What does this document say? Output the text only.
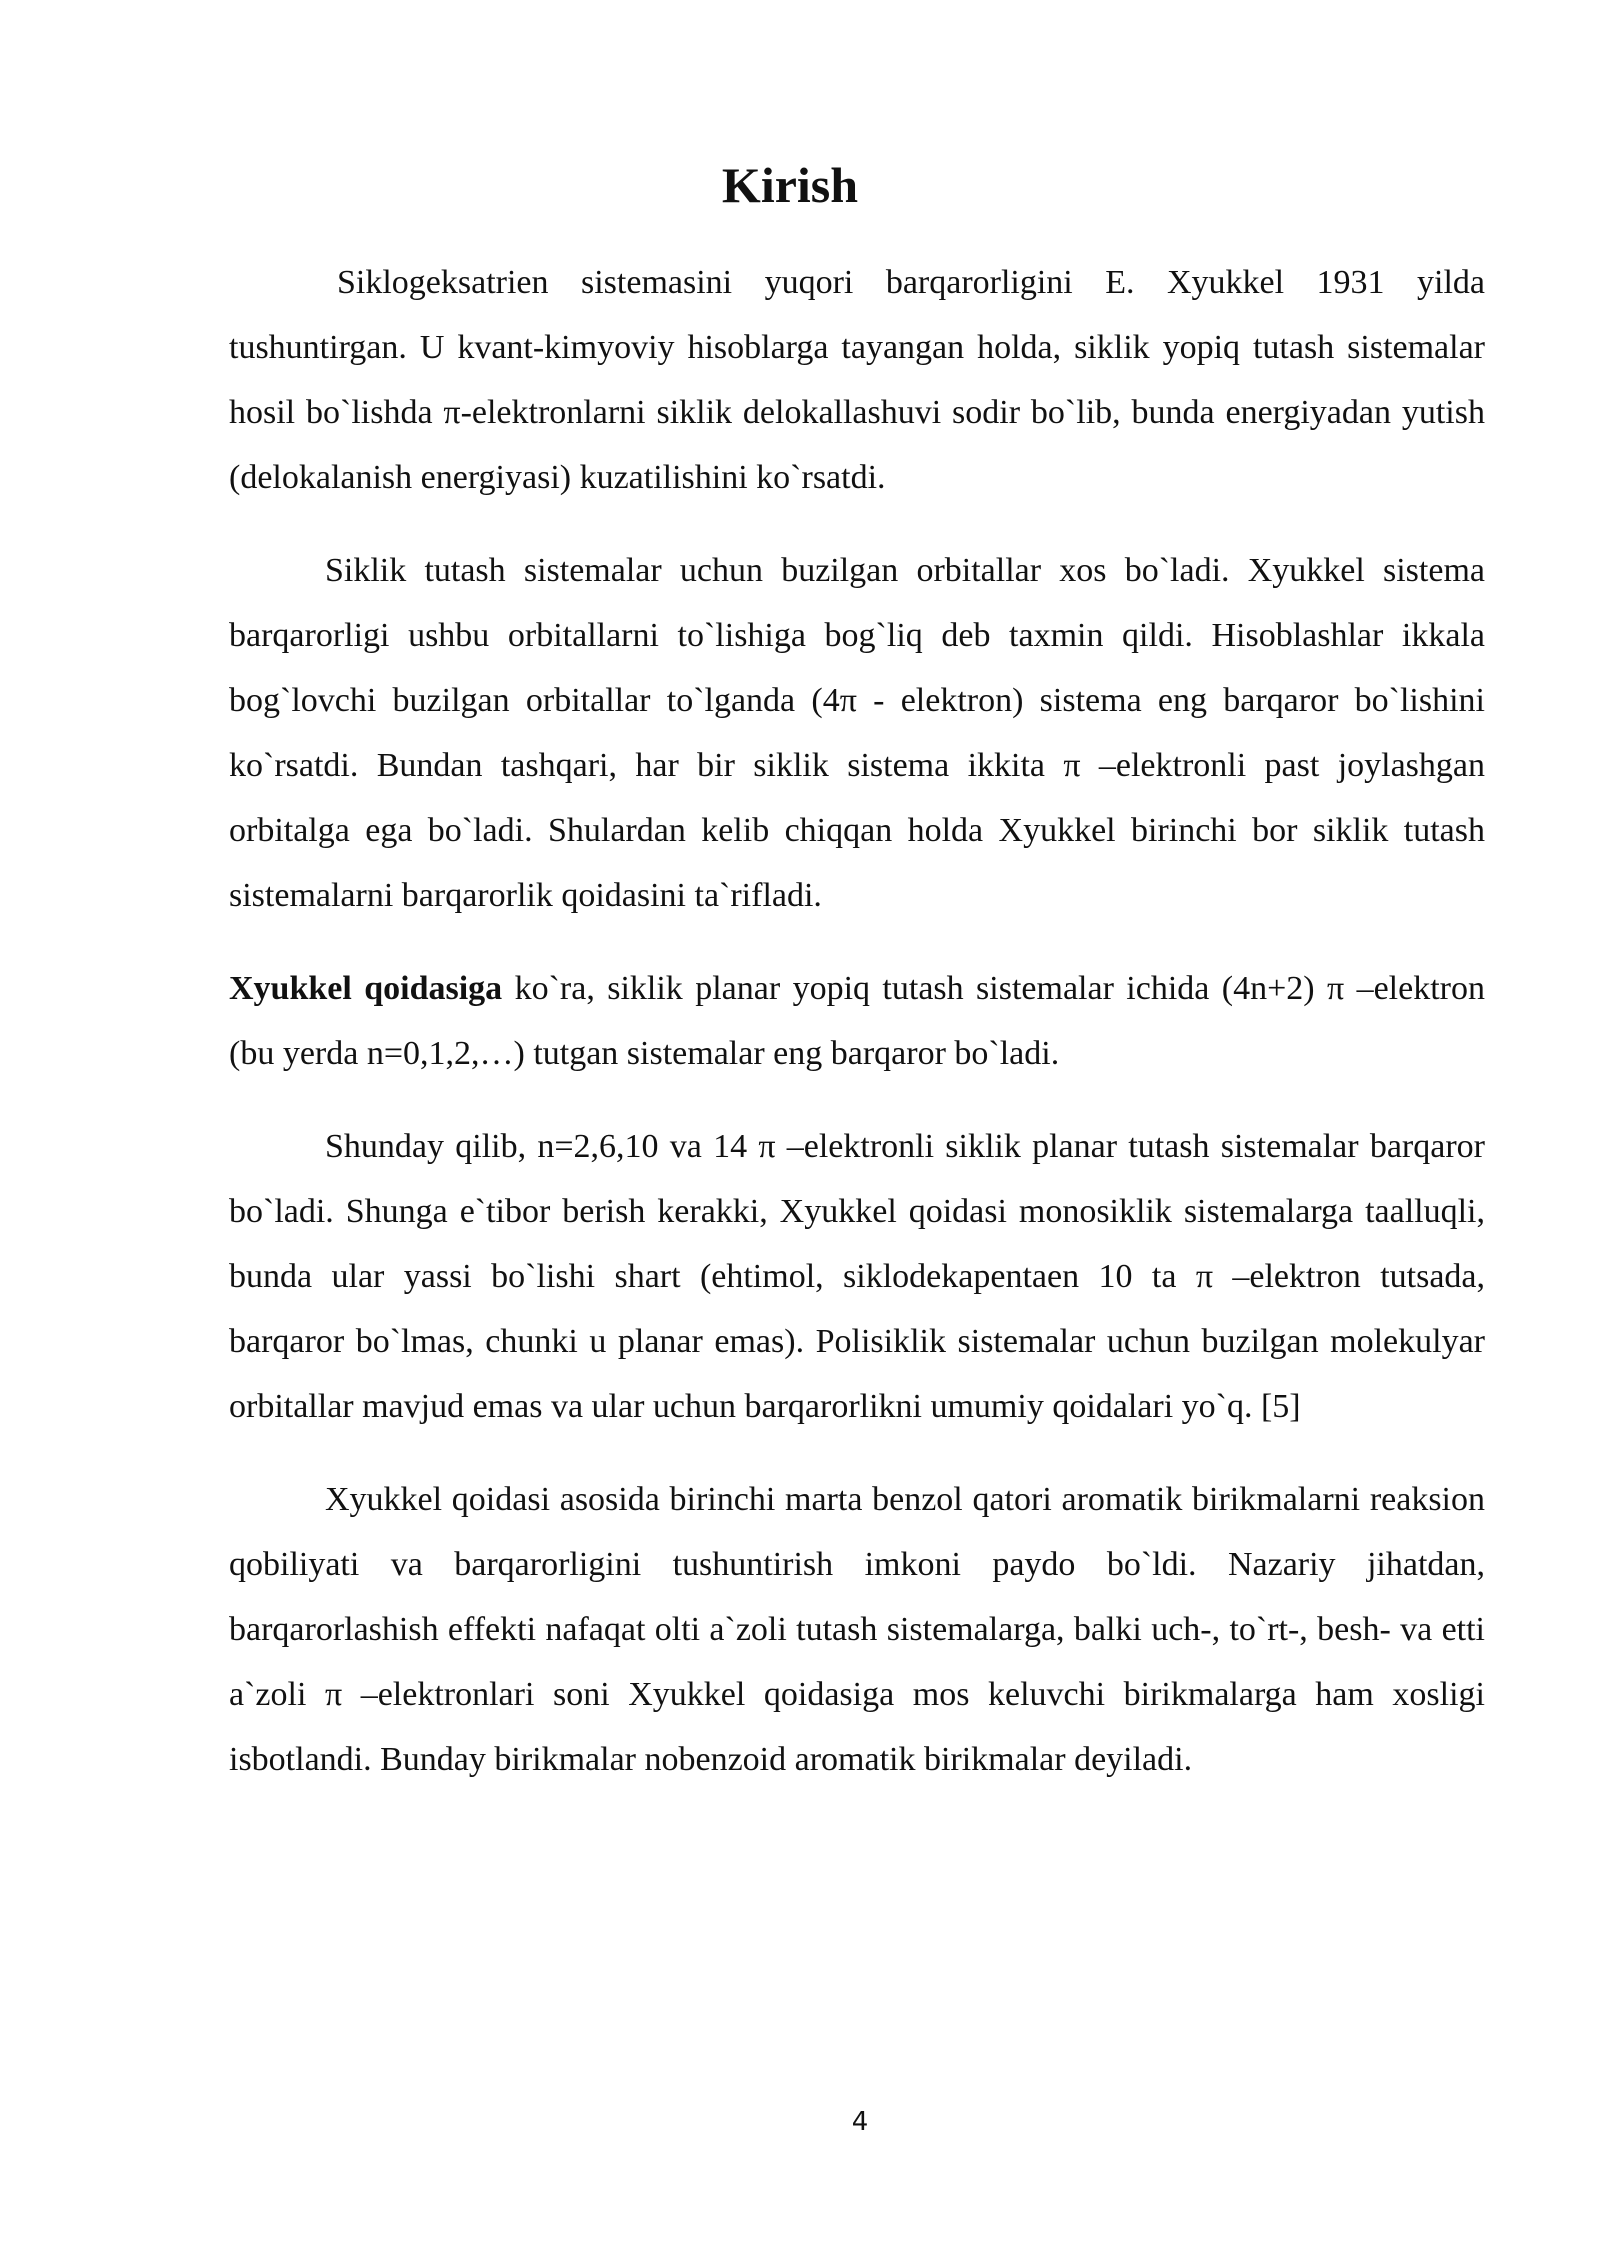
Kirish

Siklogeksatrien sistemasini yuqori barqarorligini E. Xyukkel 1931 yilda tushuntirgan. U kvant-kimyoviy hisoblarga tayangan holda, siklik yopiq tutash sistemalar hosil bo`lishda π-elektronlarni siklik delokallashuvi sodir bo`lib, bunda energiyadan yutish (delokalanish energiyasi) kuzatilishini ko`rsatdi.

Siklik tutash sistemalar uchun buzilgan orbitallar xos bo`ladi. Xyukkel sistema barqarorligi ushbu orbitallarni to`lishiga bog`liq deb taxmin qildi. Hisoblashlar ikkala bog`lovchi buzilgan orbitallar to`lganda (4π - elektron) sistema eng barqaror bo`lishini ko`rsatdi. Bundan tashqari, har bir siklik sistema ikkita π –elektronli past joylashgan orbitalga ega bo`ladi. Shulardan kelib chiqqan holda Xyukkel birinchi bor siklik tutash sistemalarni barqarorlik qoidasini ta`rifladi.

Xyukkel qoidasiga ko`ra, siklik planar yopiq tutash sistemalar ichida (4n+2) π –elektron (bu yerda n=0,1,2,…) tutgan sistemalar eng barqaror bo`ladi.

Shunday qilib, n=2,6,10 va 14 π –elektronli siklik planar tutash sistemalar barqaror bo`ladi. Shunga e`tibor berish kerakki, Xyukkel qoidasi monosiklik sistemalarga taalluqli, bunda ular yassi bo`lishi shart (ehtimol, siklodekapentaen 10 ta π –elektron tutsada, barqaror bo`lmas, chunki u planar emas). Polisiklik sistemalar uchun buzilgan molekulyar orbitallar mavjud emas va ular uchun barqarorlikni umumiy qoidalari yo`q. [5]

Xyukkel qoidasi asosida birinchi marta benzol qatori aromatik birikmalarni reaksion qobiliyati va barqarorligini tushuntirish imkoni paydo bo`ldi. Nazariy jihatdan, barqarorlashish effekti nafaqat olti a`zoli tutash sistemalarga, balki uch-, to`rt-, besh- va etti a`zoli π –elektronlari soni Xyukkel qoidasiga mos keluvchi birikmalarga ham xosligi isbotlandi. Bunday birikmalar nobenzoid aromatik birikmalar deyiladi.

4
